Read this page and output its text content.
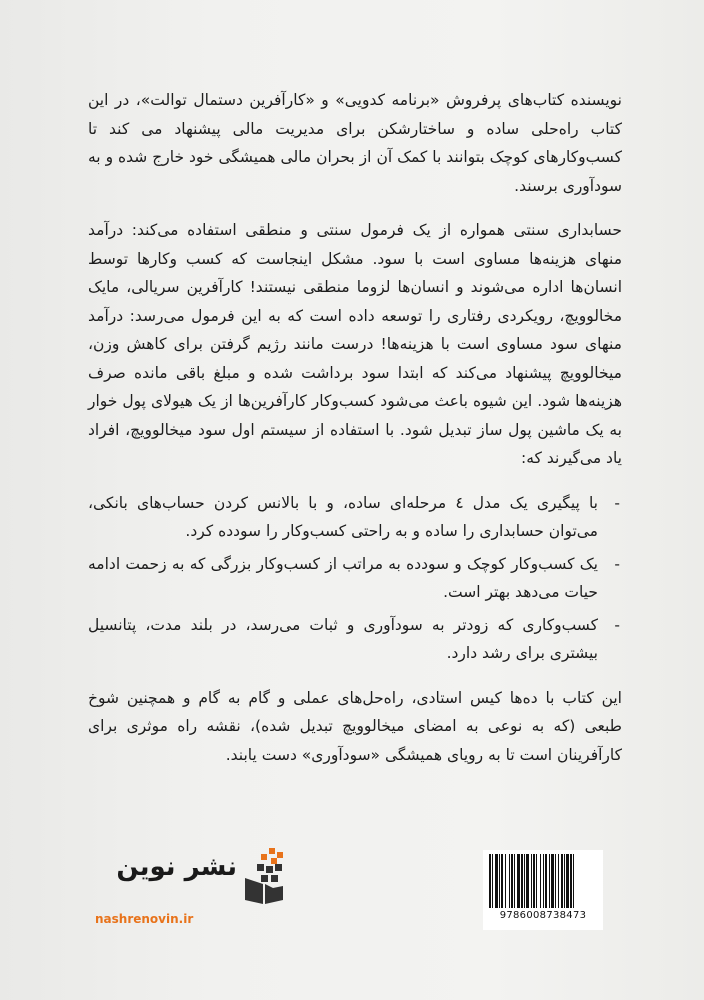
نویسنده کتاب‌های پرفروش «برنامه کدویی» و «کارآفرین دستمال توالت»، در این کتاب راه‌حلی ساده و ساختارشکن برای مدیریت مالی پیشنهاد می کند تا کسب‌وکارهای کوچک بتوانند با کمک آن از بحران مالی همیشگی خود خارج شده و به سودآوری برسند.

حسابداری سنتی همواره از یک فرمول سنتی و منطقی استفاده می‌کند: درآمد منهای هزینه‌ها مساوی است با سود. مشکل اینجاست که کسب وکارها توسط انسان‌ها اداره می‌شوند و انسان‌ها لزوما منطقی نیستند! کارآفرین سریالی، مایک مخالوویچ، رویکردی رفتاری را توسعه داده است که به این فرمول می‌رسد: درآمد منهای سود مساوی است با هزینه‌ها! درست مانند رژیم گرفتن برای کاهش وزن، میخالوویچ پیشنهاد می‌کند که ابتدا سود برداشت شده و مبلغ باقی مانده صرف هزینه‌ها شود. این شیوه باعث می‌شود کسب‌وکار کارآفرین‌ها از یک هیولای پول خوار به یک ماشین پول ساز تبدیل شود. با استفاده از سیستم اول سود میخالوویچ، افراد یاد می‌گیرند که:

-
با پیگیری یک مدل ٤ مرحله‌ای ساده، و با بالانس کردن حساب‌های بانکی، می‌توان حسابداری را ساده و به راحتی کسب‌وکار را سودده کرد.
-
یک کسب‌وکار کوچک و سودده به مراتب از کسب‌وکار بزرگی که به زحمت ادامه حیات می‌دهد بهتر است.
-
کسب‌وکاری که زودتر به سودآوری و ثبات می‌رسد، در بلند مدت، پتانسیل بیشتری برای رشد دارد.

این کتاب با ده‌ها کیس استادی، راه‌حل‌های عملی و گام به گام و همچنین شوخ طبعی (که به نوعی به امضای میخالوویچ تبدیل شده)، نقشه راه موثری برای کارآفرینان است تا به رویای همیشگی «سودآوری» دست یابند.

نشر نوین
nashrenovin.ir	9786008738473
